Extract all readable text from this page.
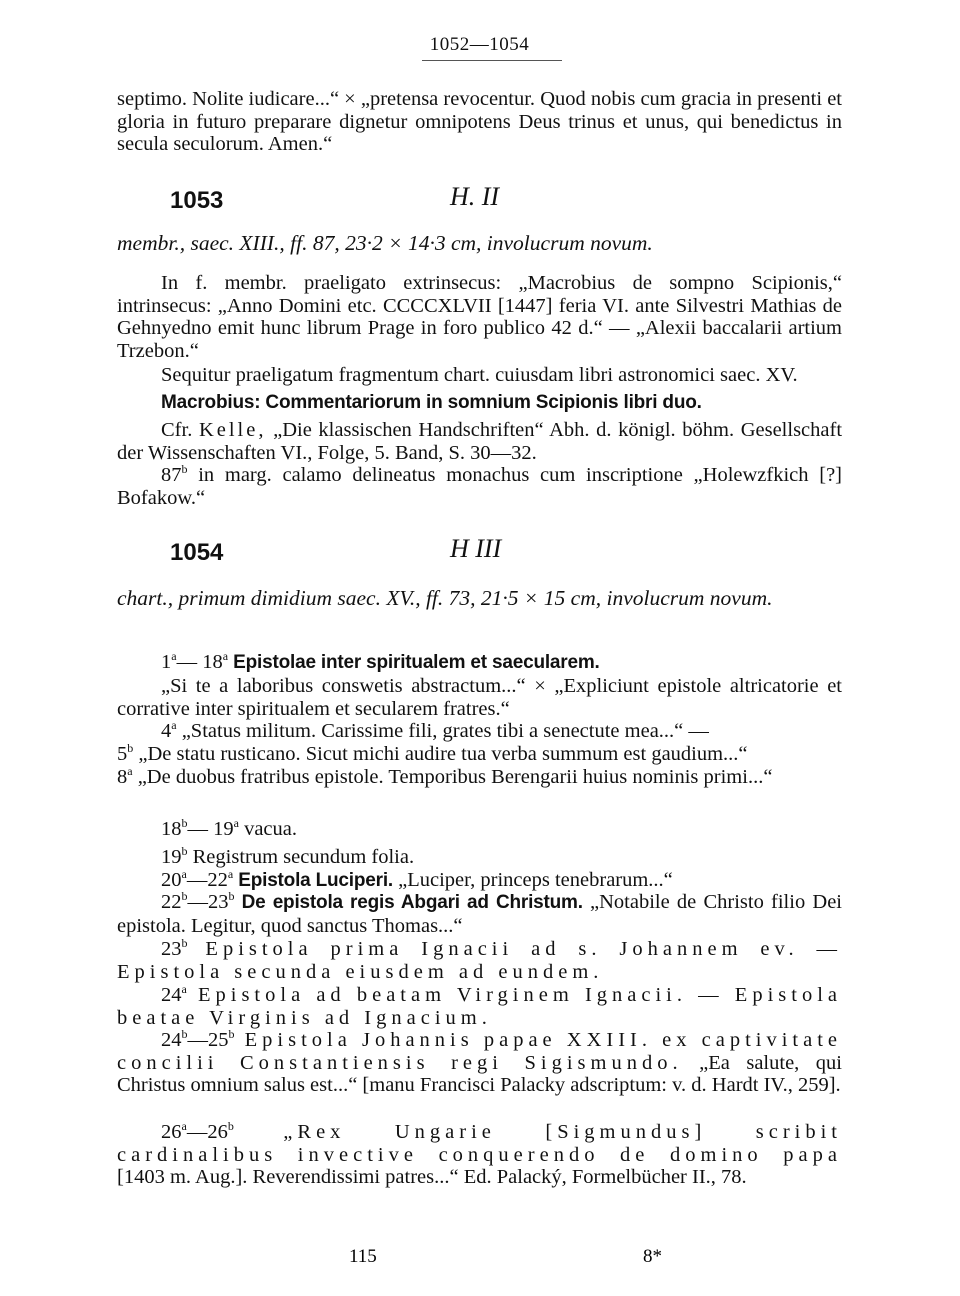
1052—1054
septimo. Nolite iudicare...“ × „pretensa revocentur. Quod nobis cum gracia in presenti et gloria in futuro preparare dignetur omnipotens Deus trinus et unus, qui benedictus in secula seculorum. Amen.“
1053	H. II
membr., saec. XIII., ff. 87, 23·2 × 14·3 cm, involucrum novum.
In f. membr. praeligato extrinsecus: „Macrobius de sompno Scipionis,“ intrinsecus: „Anno Domini etc. CCCCXLVII [1447] feria VI. ante Silvestri Mathias de Gehnyedno emit hunc librum Prage in foro publico 42 d.“ — „Alexii baccalarii artium Trzebon.“
Sequitur praeligatum fragmentum chart. cuiusdam libri astronomici saec. XV.
Macrobius: Commentariorum in somnium Scipionis libri duo.
Cfr. Kelle, „Die klassischen Handschriften“ Abh. d. königl. böhm. Gesellschaft der Wissenschaften VI., Folge, 5. Band, S. 30—32.
87$^b$ in marg. calamo delineatus monachus cum inscriptione „Holewzfkich [?] Bofakow.“
1054	H III
chart., primum dimidium saec. XV., ff. 73, 21·5 × 15 cm, involucrum novum.
1$^a$— 18$^a$ Epistolae inter spiritualem et saecularem.
„Si te a laboribus conswetis abstractum...“ × „Expliciunt epistole altricatorie et corrative inter spiritualem et secularem fratres.“
4$^a$ „Status militum. Carissime fili, grates tibi a senectute mea...“ —
5$^b$ „De statu rusticano. Sicut michi audire tua verba summum est gaudium...“
8$^a$ „De duobus fratribus epistole. Temporibus Berengarii huius nominis primi...“
18$^b$— 19$^a$ vacua.
19$^b$ Registrum secundum folia.
20$^a$—22$^a$ Epistola Luciperi. „Luciper, princeps tenebrarum...“
22$^b$—23$^b$ De epistola regis Abgari ad Christum. „Notabile de Christo filio Dei epistola. Legitur, quod sanctus Thomas...“
23$^b$ Epistola prima Ignacii ad s. Johannem ev. — Epistola secunda eiusdem ad eundem.
24$^a$ Epistola ad beatam Virginem Ignacii. — Epistola beatae Virginis ad Ignacium.
24$^b$—25$^b$ Epistola Johannis papae XXIII. ex captivitate concilii Constantiensis regi Sigismundo. „Ea salute, qui Christus omnium salus est...“ [manu Francisci Palacky adscriptum: v. d. Hardt IV., 259].
26$^a$—26$^b$ „Rex Ungarie [Sigmundus] scribit cardinalibus invective conquerendo de domino papa [1403 m. Aug.]. Reverendissimi patres...“ Ed. Palacký, Formelbücher II., 78.
115	8*
